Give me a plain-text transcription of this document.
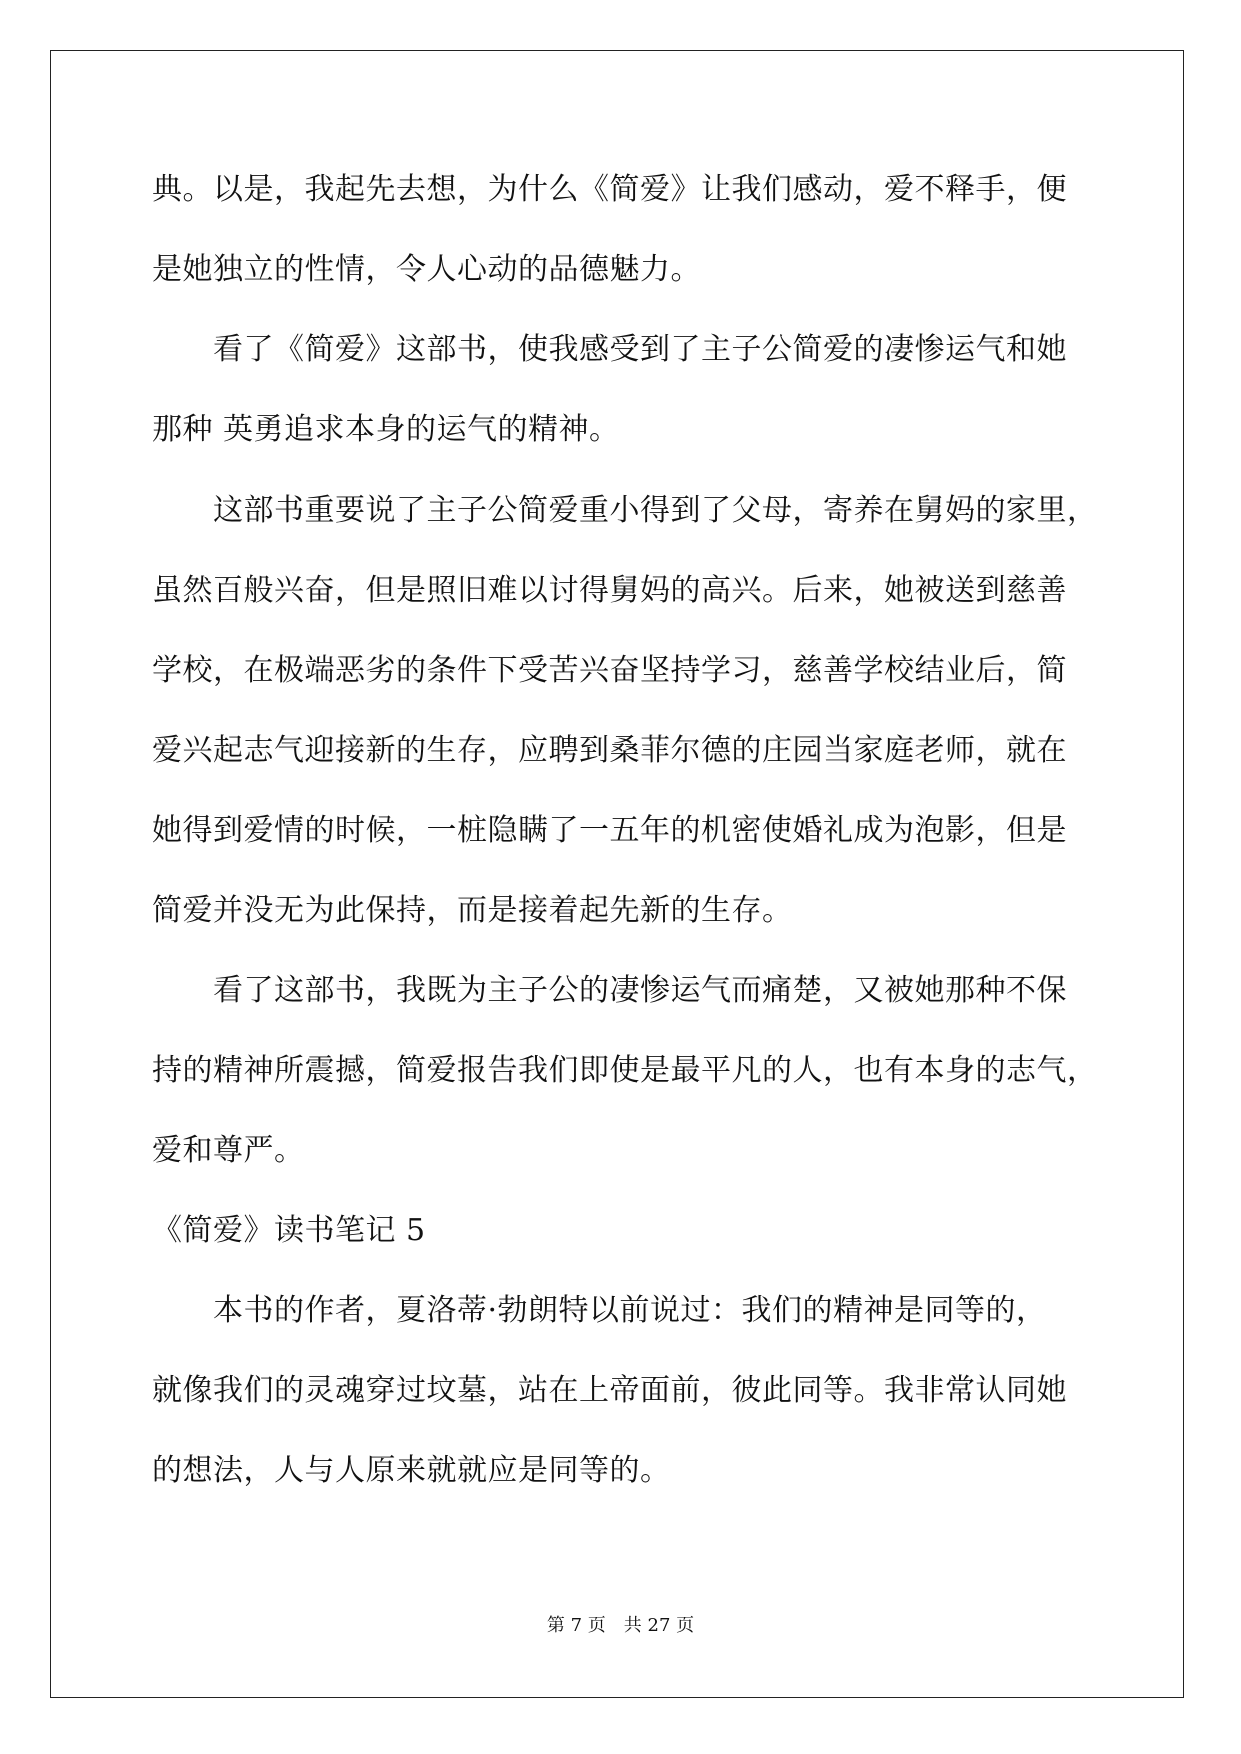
典。以是，我起先去想，为什么《简爱》让我们感动，爱不释手，便
是她独立的性情，令人心动的品德魅力。
　　看了《简爱》这部书，使我感受到了主子公简爱的凄惨运气和她
那种 英勇追求本身的运气的精神。
　　这部书重要说了主子公简爱重小得到了父母，寄养在舅妈的家里，
虽然百般兴奋，但是照旧难以讨得舅妈的高兴。后来，她被送到慈善
学校，在极端恶劣的条件下受苦兴奋坚持学习，慈善学校结业后，简
爱兴起志气迎接新的生存，应聘到桑菲尔德的庄园当家庭老师，就在
她得到爱情的时候，一桩隐瞒了一五年的机密使婚礼成为泡影，但是
简爱并没无为此保持，而是接着起先新的生存。
　　看了这部书，我既为主子公的凄惨运气而痛楚，又被她那种不保
持的精神所震撼，简爱报告我们即使是最平凡的人，也有本身的志气，
爱和尊严。
《简爱》读书笔记 5
　　本书的作者，夏洛蒂·勃朗特以前说过：我们的精神是同等的，
就像我们的灵魂穿过坟墓，站在上帝面前，彼此同等。我非常认同她
的想法，人与人原来就就应是同等的。
第 7 页　共 27 页
